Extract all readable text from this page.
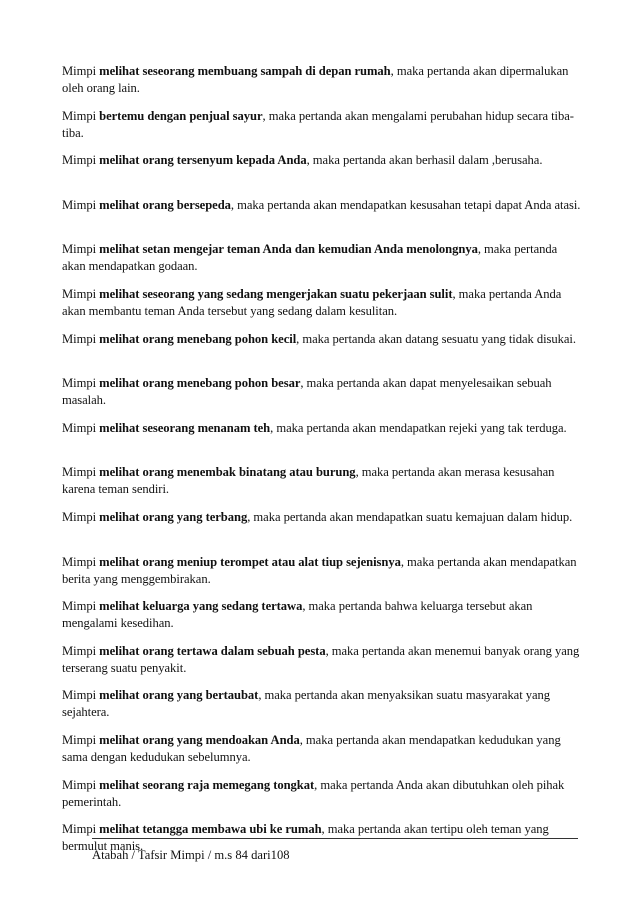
Mimpi melihat seseorang membuang sampah di depan rumah, maka pertanda akan dipermalukan oleh orang lain.

Mimpi bertemu dengan penjual sayur, maka pertanda akan mengalami perubahan hidup secara tiba-tiba.

Mimpi melihat orang tersenyum kepada Anda, maka pertanda akan berhasil dalam ,berusaha.

Mimpi melihat orang bersepeda, maka pertanda akan mendapatkan kesusahan tetapi dapat Anda atasi.

Mimpi melihat setan mengejar teman Anda dan kemudian Anda menolongnya, maka pertanda akan mendapatkan godaan.

Mimpi melihat seseorang yang sedang mengerjakan suatu pekerjaan sulit, maka pertanda Anda akan membantu teman Anda tersebut yang sedang dalam kesulitan.

Mimpi melihat orang menebang pohon kecil, maka pertanda akan datang sesuatu yang tidak disukai.

Mimpi melihat orang menebang pohon besar, maka pertanda akan dapat menyelesaikan sebuah masalah.

Mimpi melihat seseorang menanam teh, maka pertanda akan mendapatkan rejeki yang tak terduga.

Mimpi melihat orang menembak binatang atau burung, maka pertanda akan merasa kesusahan karena teman sendiri.

Mimpi melihat orang yang terbang, maka pertanda akan mendapatkan suatu kemajuan dalam hidup.

Mimpi melihat orang meniup terompet atau alat tiup sejenisnya, maka pertanda akan mendapatkan berita yang menggembirakan.

Mimpi melihat keluarga yang sedang tertawa, maka pertanda bahwa keluarga tersebut akan mengalami kesedihan.

Mimpi melihat orang tertawa dalam sebuah pesta, maka pertanda akan menemui banyak orang yang terserang suatu penyakit.

Mimpi melihat orang yang bertaubat, maka pertanda akan menyaksikan suatu masyarakat yang sejahtera.

Mimpi melihat orang yang mendoakan Anda, maka pertanda akan mendapatkan kedudukan yang sama dengan kedudukan sebelumnya.

Mimpi melihat seorang raja memegang tongkat, maka pertanda Anda akan dibutuhkan oleh pihak pemerintah.

Mimpi melihat tetangga membawa ubi ke rumah, maka pertanda akan tertipu oleh teman yang bermulut manis.

Atabah / Tafsir Mimpi / m.s 84 dari108
